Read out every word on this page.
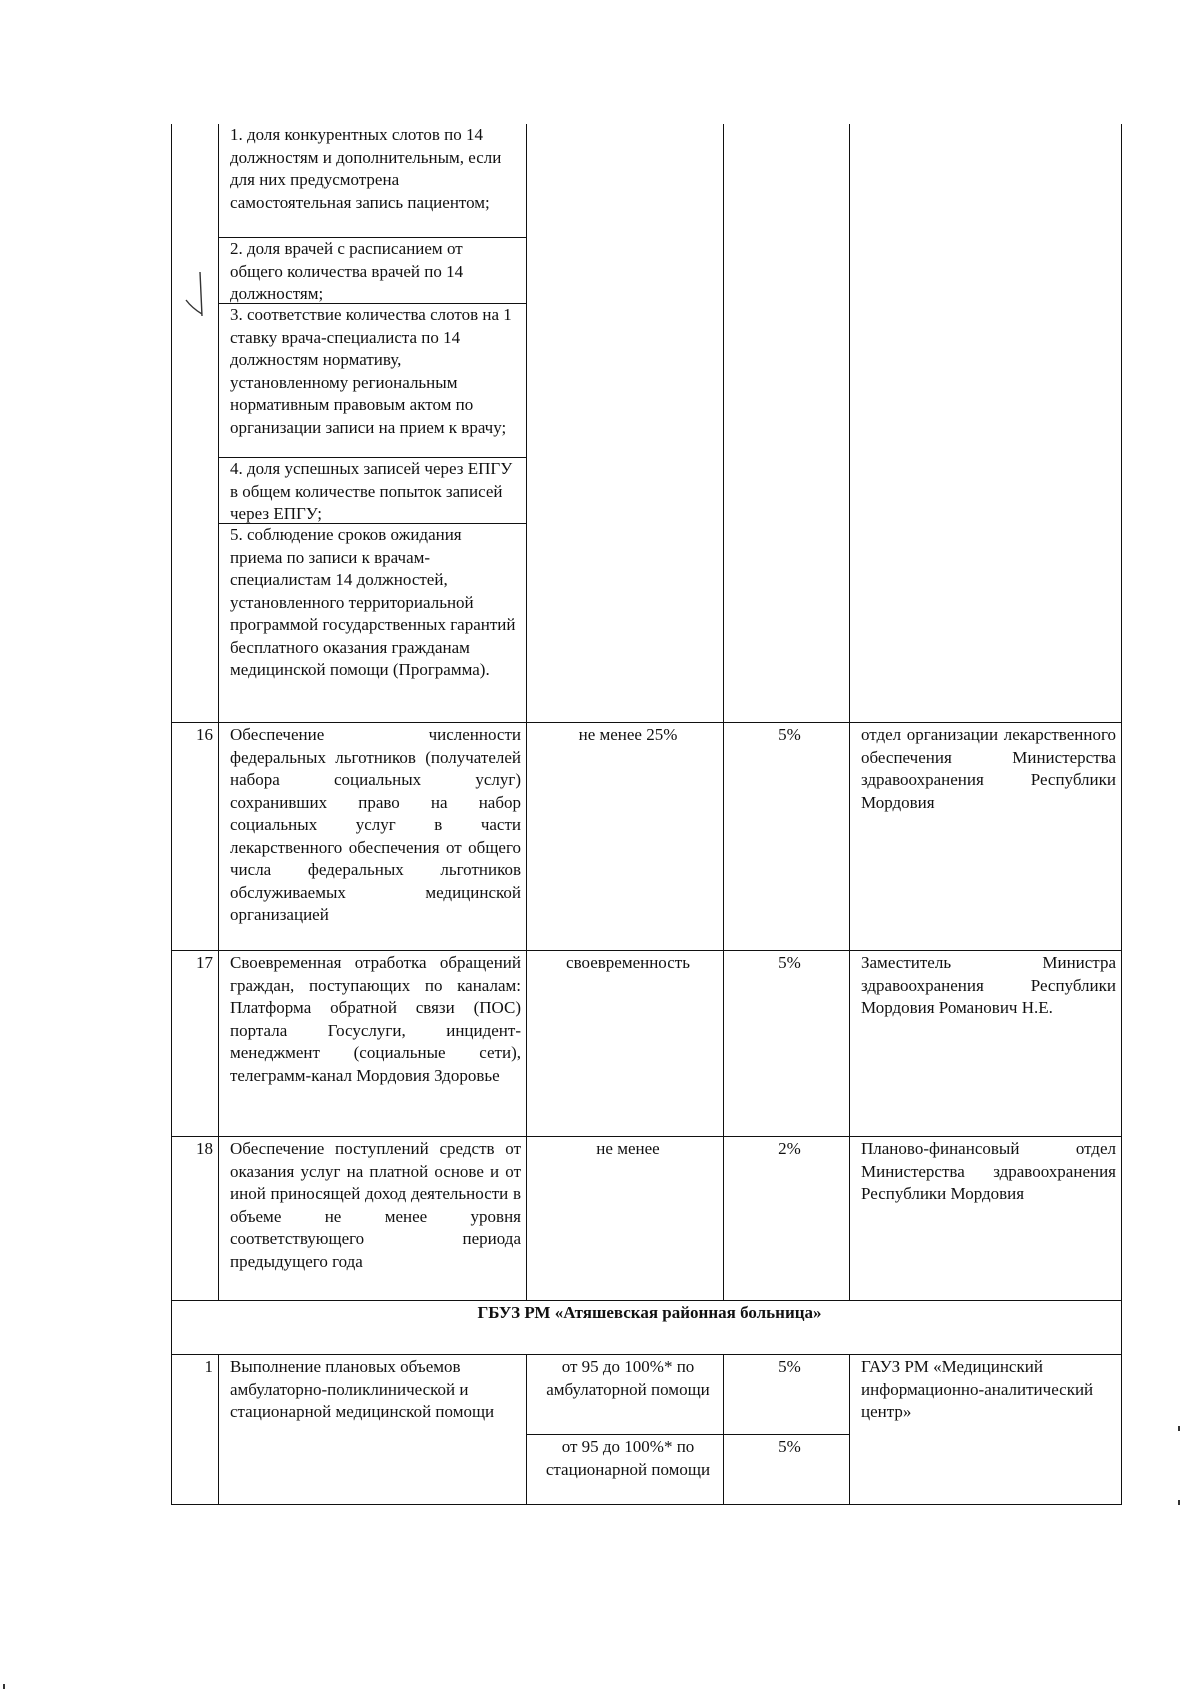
	1. доля конкурентных слотов по 14 должностям и дополнительным, если для них предусмотрена самостоятельная запись пациентом;
2. доля врачей с расписанием от общего количества врачей по 14 должностям;
3. соответствие количества слотов на 1 ставку врача-специалиста по 14 должностям нормативу, установленному региональным нормативным правовым актом по организации записи на прием к врачу;
4. доля успешных записей через ЕПГУ в общем количестве попыток записей через ЕПГУ;
5. соблюдение сроков ожидания приема по записи к врачам-специалистам 14 должностей, установленного территориальной программой государственных гарантий бесплатного оказания гражданам медицинской помощи (Программа).			

16	Обеспечение численности федеральных льготников (получателей набора социальных услуг) сохранивших право на набор социальных услуг в части лекарственного обеспечения от общего числа федеральных льготников обслуживаемых медицинской организацией	не менее 25%	5%	отдел организации лекарственного обеспечения Министерства здравоохранения Республики Мордовия
17	Своевременная отработка обращений граждан, поступающих по каналам: Платформа обратной связи (ПОС) портала Госуслуги, инцидент-менеджмент (социальные сети), телеграмм-канал Мордовия Здоровье	своевременность	5%	Заместитель Министра здравоохранения Республики Мордовия Романович Н.Е.
18	Обеспечение поступлений средств от оказания услуг на платной основе и от иной приносящей доход деятельности в объеме не менее уровня соответствующего периода предыдущего года	не менее	2%	Планово-финансовый отдел Министерства здравоохранения Республики Мордовия
ГБУЗ РМ «Атяшевская районная больница»				
1	Выполнение плановых объемов амбулаторно-поликлинической и стационарной медицинской помощи	от 95 до 100%* по амбулаторной помощи	5%	ГАУЗ РМ «Медицинский информационно-аналитический центр»
		от 95 до 100%* по стационарной помощи	5%	
